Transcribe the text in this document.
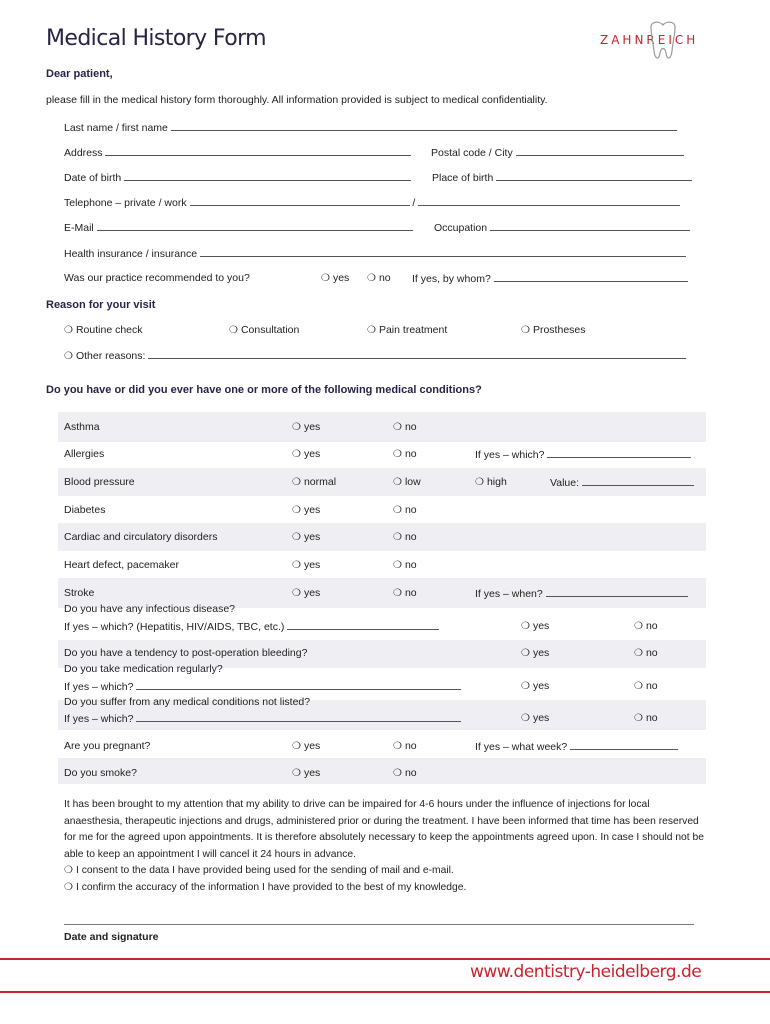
Medical History Form	ZAHNREICH
Dear patient,
please fill in the medical history form thoroughly. All information provided is subject to medical confidentiality.
Last name / first name
Address	Postal code / City
Date of birth	Place of birth
Telephone – private / work	/
E-Mail	Occupation
Health insurance / insurance
Was our practice recommended to you?	❍ yes ❍ no If yes, by whom?
Reason for your visit
❍ Routine check	❍ Consultation	❍ Pain treatment	❍ Prostheses
❍ Other reasons:
Do you have or did you ever have one or more of the following medical conditions?
Asthma	❍ yes	❍ no
Allergies	❍ yes	❍ no	If yes – which?
Blood pressure	❍ normal	❍ low	❍ high	Value:
Diabetes	❍ yes	❍ no
Cardiac and circulatory disorders	❍ yes	❍ no
Heart defect, pacemaker	❍ yes	❍ no
Stroke	❍ yes	❍ no	If yes – when?
Do you have any infectious disease?
If yes – which? (Hepatitis, HIV/AIDS, TBC, etc.)	❍ yes	❍ no
Do you have a tendency to post-operation bleeding?	❍ yes	❍ no
Do you take medication regularly?
If yes – which?	❍ yes	❍ no
Do you suffer from any medical conditions not listed?
If yes – which?	❍ yes	❍ no
Are you pregnant?	❍ yes	❍ no	If yes – what week?
Do you smoke?	❍ yes	❍ no
It has been brought to my attention that my ability to drive can be impaired for 4-6 hours under the influence of injections for local anaesthesia, therapeutic injections and drugs, administered prior or during the treatment. I have been informed that time has been reserved for me for the agreed upon appointments. It is therefore absolutely necessary to keep the appointments agreed upon. In case I should not be able to keep an appointment I will cancel it 24 hours in advance.
❍ I consent to the data I have provided being used for the sending of mail and e-mail.
❍ I confirm the accuracy of the information I have provided to the best of my knowledge.
Date and signature
www.dentistry-heidelberg.de
